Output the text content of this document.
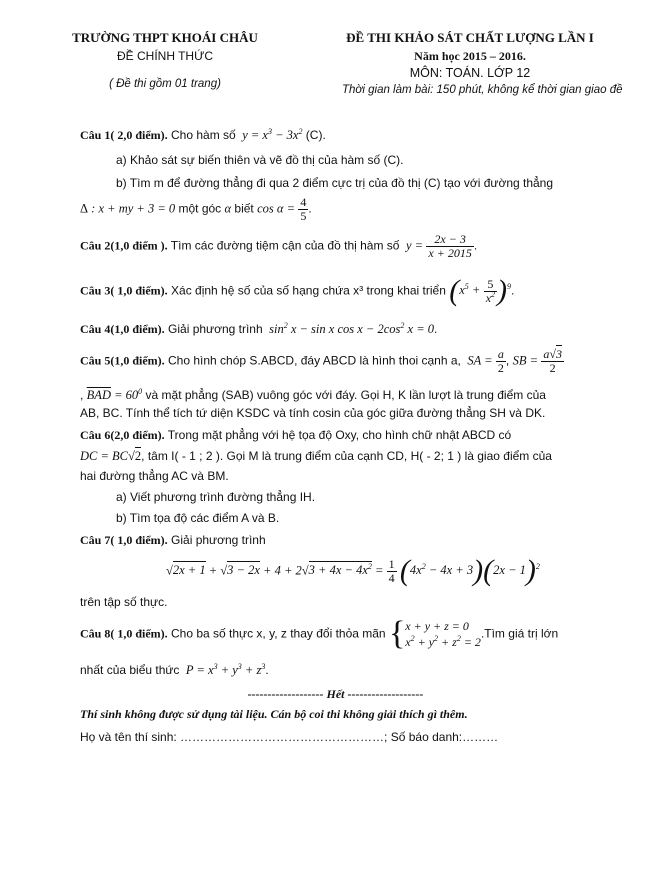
TRƯỜNG THPT KHOÁI CHÂU
ĐỀ CHÍNH THỨC
( Đề thi gồm 01 trang)
ĐỀ THI KHẢO SÁT CHẤT LƯỢNG LẦN I
Năm học 2015 – 2016.
MÔN: TOÁN. LỚP 12
Thời gian làm bài: 150 phút, không kể thời gian giao đề
Câu 1( 2,0 điểm). Cho hàm số  $y = x^3 - 3x^2$ (C).
a) Khảo sát sự biến thiên và vẽ đồ thị của hàm số (C).
b) Tìm m để đường thẳng đi qua 2 điểm cực trị của đồ thị (C) tạo với đường thẳng
Δ : x + my + 3 = 0 một góc α biết $\cos \alpha = \frac{4}{5}$ .
Câu 2(1,0 điểm ). Tìm các đường tiệm cận của đồ thị hàm số  $y = \frac{2x - 3}{x + 2015}$ .
Câu 3( 1,0 điểm). Xác định hệ số của số hạng chứa x³ trong khai triển $(x^5 + \frac{5}{x^2} )^9$.
Câu 4(1,0 điểm). Giải phương trình  $\sin^2 x - \sin x$ $\cos x - 2\cos^2$ x = 0.
Câu 5(1,0 điểm). Cho hình chóp S.ABCD, đáy ABCD là hình thoi cạnh a,  SA = $\frac{a}{2}$ , SB = $\frac{a√3}{2}$
, $\overline{BAD} = 60^0$ và mặt phẳng (SAB) vuông góc với đáy. Gọi H, K lần lượt là trung điểm của
AB, BC. Tính thể tích tứ diện KSDC và tính cosin của góc giữa đường thẳng SH và DK.
Câu 6(2,0 điểm). Trong mặt phẳng với hệ tọa độ Oxy, cho hình chữ nhật ABCD có
DC = BC√2, tâm I( - 1 ; 2 ). Gọi M là trung điểm của cạnh CD, H( - 2; 1 ) là giao điểm của
hai đường thẳng AC và BM.
a) Viết phương trình đường thẳng IH.
b) Tìm tọa độ các điểm A và B.
Câu 7( 1,0 điểm). Giải phương trình
$√2x + 1 + √3 - 2x + 4 + 2√3 + 4x - 4x^2 = \frac{1}{4} (4x^2 - 4x + 3)(2x - 1)^2$
trên tập số thực.
Câu 8( 1,0 điểm). Cho ba số thực x, y, z thay đổi thỏa mãn {x + y + z = 0
$x^2 + y^2 + z^2$ = 2.Tìm giá trị lớn
nhất của biểu thức  $P = x^3 + y^3 + z^3$.
------------------- Hết -------------------
Thí sinh không được sử dụng tài liệu. Cán bộ coi thi không giải thích gì thêm.
Họ và tên thí sinh: ……………………………………………; Số báo danh:………
